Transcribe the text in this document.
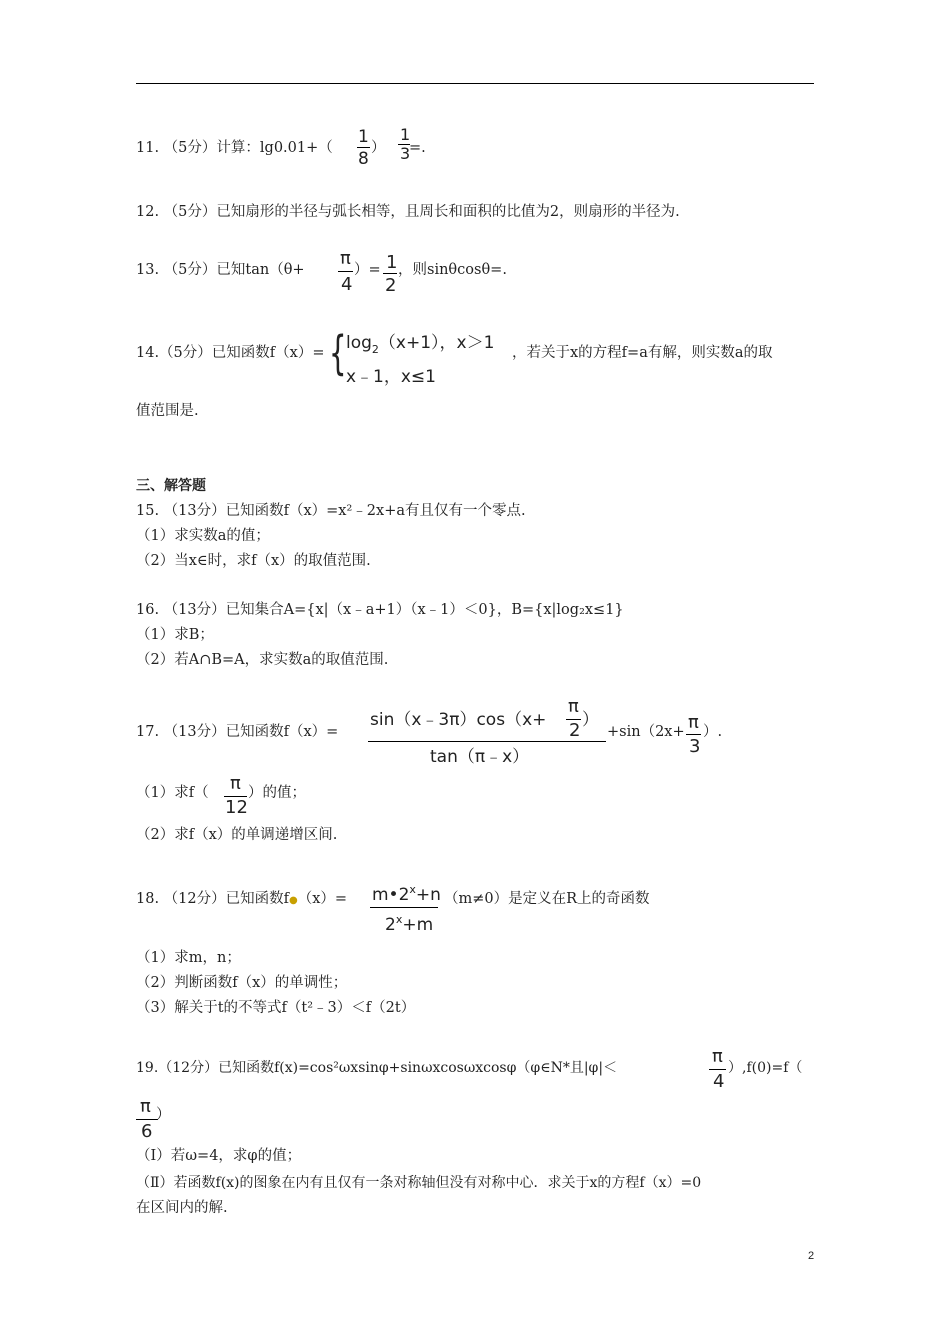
11. （5分）计算：lg0.01+（
1
8
）
1
3
=.
12. （5分）已知扇形的半径与弧长相等，且周长和面积的比值为2，则扇形的半径为.
13. （5分）已知tan（θ+
π
4
）= 1
2
，则sinθcosθ=.
14.（5分）已知函数f（x）= { $\log_2(x+1)$，x＞1
x﹣1，x≤1
，若关于x的方程f=a有解，则实数a的取
值范围是.
三、解答题
15. （13分）已知函数f（x）=x²﹣2x+a有且仅有一个零点.
（1）求实数a的值；
（2）当x∈时，求f（x）的取值范围.
16. （13分）已知集合A={x|（x﹣a+1）（x﹣1）＜0}，B={x|log₂x≤1}
（1）求B；
（2）若A∩B=A，求实数a的取值范围.
17. （13分）已知函数f（x）=
sin（x﹣3π）cos（x+
π
2 ）
tan（π﹣x）
+sin（2x+ π
3
）.
（1）求f（ π
12
）的值；
（2）求f（x）的单调递增区间.
18. （12分）已知函数f●（x）= $m•2^x+n$
$2^x+m$
（m≠0）是定义在R上的奇函数
（1）求m，n；
（2）判断函数f（x）的单调性；
（3）解关于t的不等式f（t²﹣3）＜f（2t）
19.（12分）已知函数f(x)=cos²ωxsinφ+sinωxcosωxcosφ（φ∈N*且|φ|＜
π
4
）,f(0)=f（
π
6
）
（Ⅰ）若ω=4，求φ的值；
（Ⅱ）若函数f(x)的图象在内有且仅有一条对称轴但没有对称中心．求关于x的方程f（x）=0
在区间内的解.
2
